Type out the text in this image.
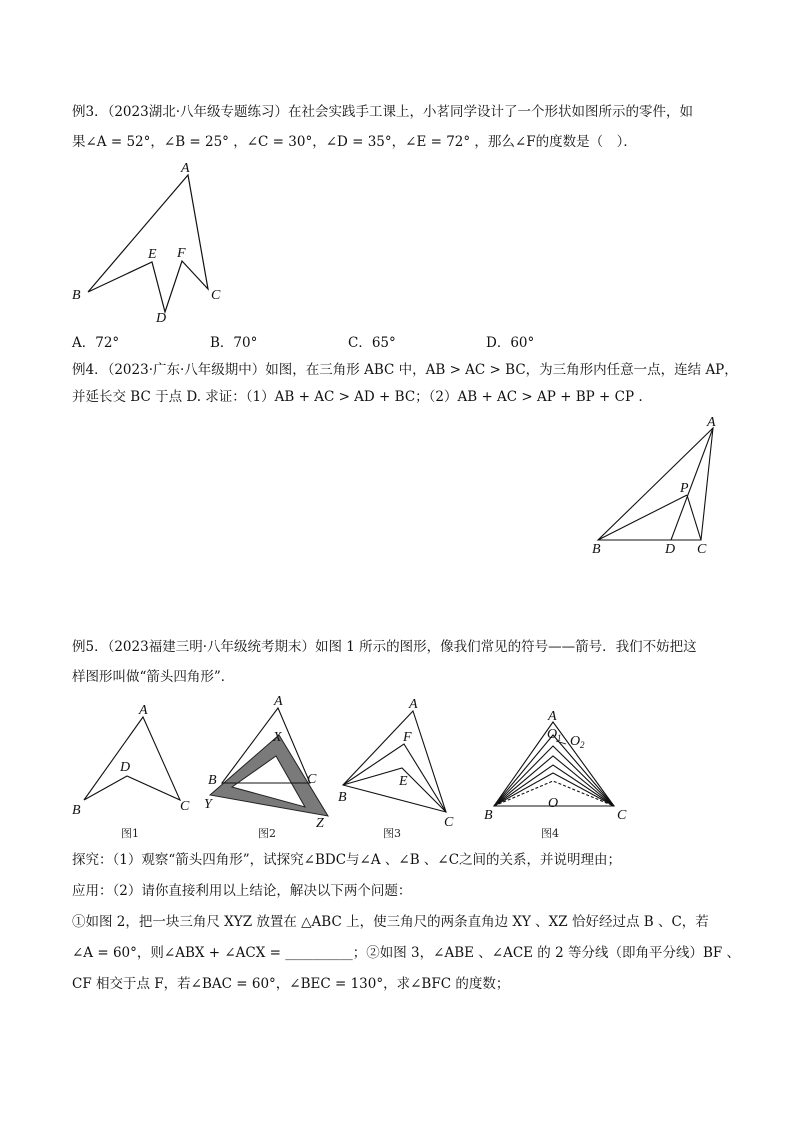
例3．（2023湖北·八年级专题练习）在社会实践手工课上，小茗同学设计了一个形状如图所示的零件，如
果∠A = 52°，∠B = 25° ，∠C = 30°，∠D = 35°，∠E = 72° ，那么∠F的度数是（　）．
A
B	C
D
E F
A
B	C
D
P
A
B	C
D
图1
A
B	C
X
Y
Z
图2
A
B
C
E
F
图3
A
B	C
O
O 1 O 2
图4
A．72°	B．70°	C．65°	D．60°
例4．（2023·广东·八年级期中）如图，在三角形 ABC 中，AB > AC > BC，为三角形内任意一点，连结 AP，
并延长交 BC 于点 D. 求证：（1）AB + AC > AD + BC；（2）AB + AC > AP + BP + CP .
例5．（2023福建三明·八年级统考期末）如图 1 所示的图形，像我们常见的符号——箭号．我们不妨把这
样图形叫做“箭头四角形”．
探究：（1）观察“箭头四角形”，试探究∠BDC与∠A 、∠B 、∠C之间的关系，并说明理由；
应用：（2）请你直接利用以上结论，解决以下两个问题：
①如图 2，把一块三角尺 XYZ 放置在 △ABC 上，使三角尺的两条直角边 XY 、XZ 恰好经过点 B 、C，若
∠A = 60°，则∠ABX + ∠ACX = __________；②如图 3，∠ABE 、∠ACE 的 2 等分线（即角平分线）BF 、
CF 相交于点 F，若∠BAC = 60°，∠BEC = 130°，求∠BFC 的度数；
